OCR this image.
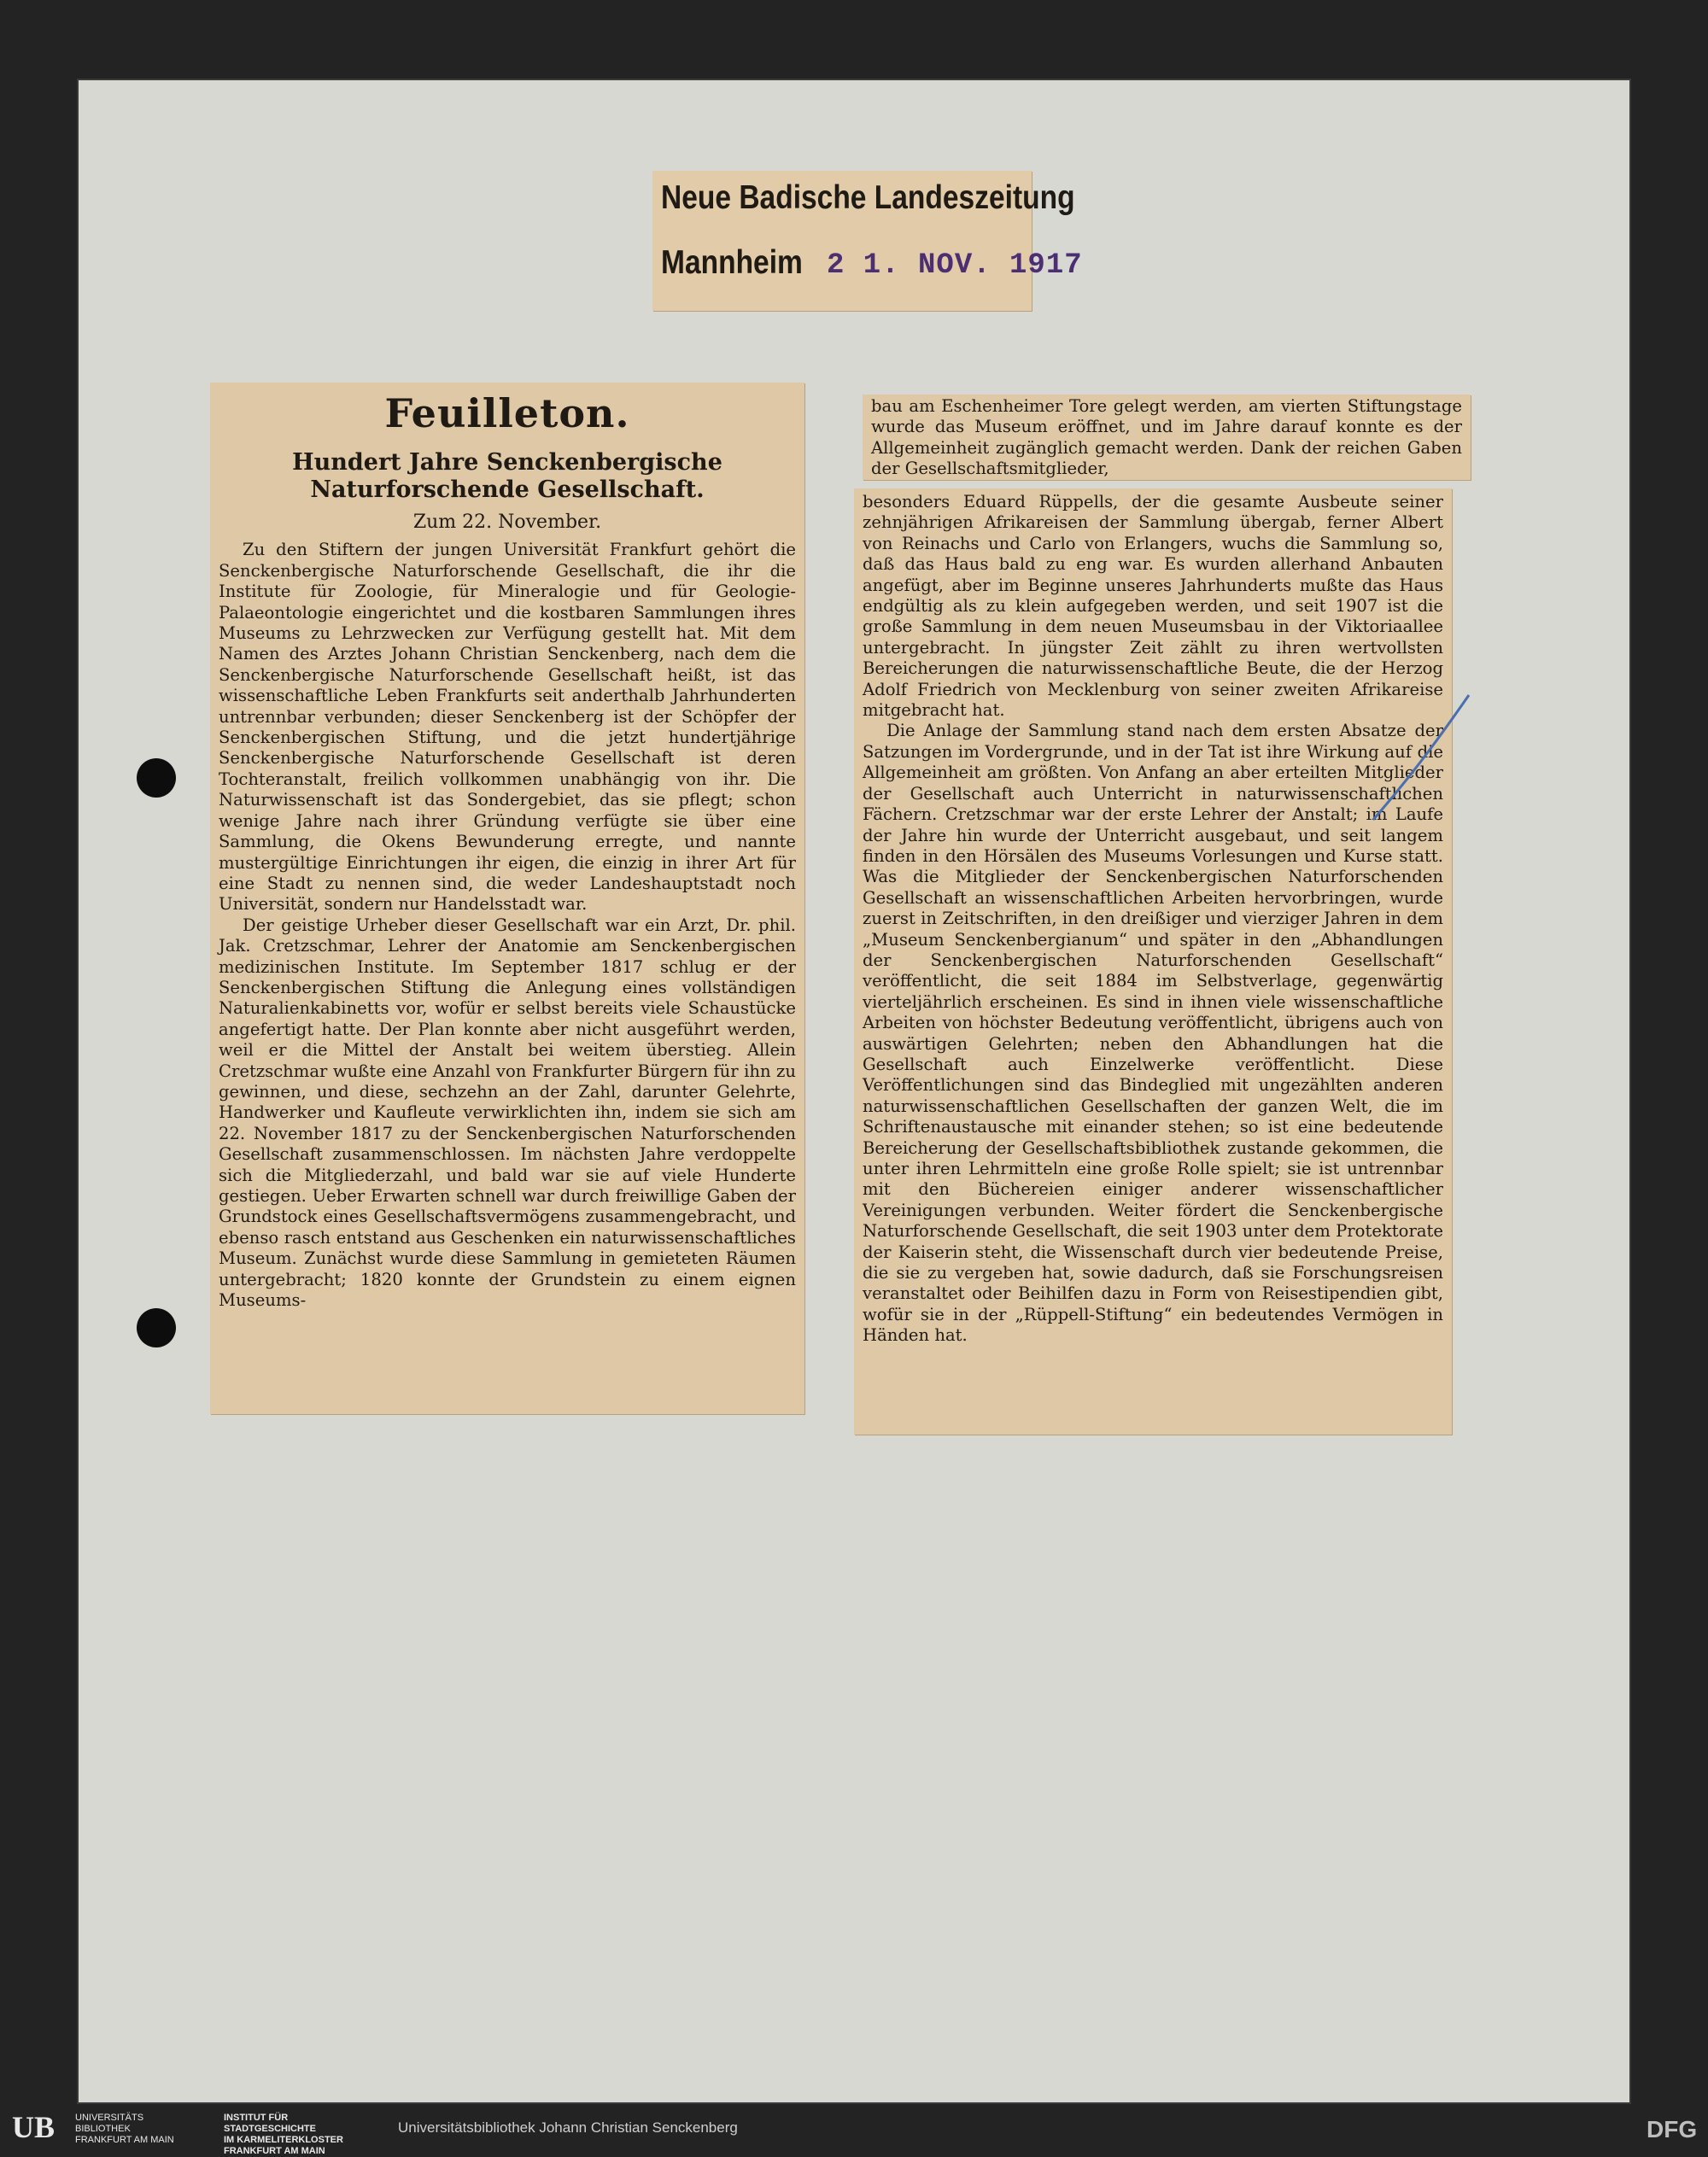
Neue Badische Landeszeitung
Mannheim 2 1. NOV. 1917
Feuilleton.
Hundert Jahre Senckenbergische Naturforschende Gesellschaft.
Zum 22. November.

Zu den Stiftern der jungen Universität Frankfurt gehört die Senckenbergische Naturforschende Gesellschaft, die ihr die Institute für Zoologie, für Mineralogie und für Geologie-Palaeontologie eingerichtet und die kostbaren Sammlungen ihres Museums zu Lehrzwecken zur Verfügung gestellt hat. Mit dem Namen des Arztes Johann Christian Senckenberg, nach dem die Senckenbergische Naturforschende Gesellschaft heißt, ist das wissenschaftliche Leben Frankfurts seit anderthalb Jahrhunderten untrennbar verbunden; dieser Senckenberg ist der Schöpfer der Senckenbergischen Stiftung, und die jetzt hundertjährige Senckenbergische Naturforschende Gesellschaft ist deren Tochteranstalt, freilich vollkommen unabhängig von ihr. Die Naturwissenschaft ist das Sondergebiet, das sie pflegt; schon wenige Jahre nach ihrer Gründung verfügte sie über eine Sammlung, die Okens Bewunderung erregte, und nannte mustergültige Einrichtungen ihr eigen, die einzig in ihrer Art für eine Stadt zu nennen sind, die weder Landeshauptstadt noch Universität, sondern nur Handelsstadt war.

Der geistige Urheber dieser Gesellschaft war ein Arzt, Dr. phil. Jak. Cretzschmar, Lehrer der Anatomie am Senckenbergischen medizinischen Institute. Im September 1817 schlug er der Senckenbergischen Stiftung die Anlegung eines vollständigen Naturalienkabinetts vor, wofür er selbst bereits viele Schaustücke angefertigt hatte. Der Plan konnte aber nicht ausgeführt werden, weil er die Mittel der Anstalt bei weitem überstieg. Allein Cretzschmar wußte eine Anzahl von Frankfurter Bürgern für ihn zu gewinnen, und diese, sechzehn an der Zahl, darunter Gelehrte, Handwerker und Kaufleute verwirklichten ihn, indem sie sich am 22. November 1817 zu der Senckenbergischen Naturforschenden Gesellschaft zusammenschlossen. Im nächsten Jahre verdoppelte sich die Mitgliederzahl, und bald war sie auf viele Hunderte gestiegen. Ueber Erwarten schnell war durch freiwillige Gaben der Grundstock eines Gesellschaftsvermögens zusammengebracht, und ebenso rasch entstand aus Geschenken ein naturwissenschaftliches Museum. Zunächst wurde diese Sammlung in gemieteten Räumen untergebracht; 1820 konnte der Grundstein zu einem eignen Museums-

bau am Eschenheimer Tore gelegt werden, am vierten Stiftungstage wurde das Museum eröffnet, und im Jahre darauf konnte es der Allgemeinheit zugänglich gemacht werden. Dank der reichen Gaben der Gesellschaftsmitglieder,

besonders Eduard Rüppells, der die gesamte Ausbeute seiner zehnjährigen Afrikareisen der Sammlung übergab, ferner Albert von Reinachs und Carlo von Erlangers, wuchs die Sammlung so, daß das Haus bald zu eng war. Es wurden allerhand Anbauten angefügt, aber im Beginne unseres Jahrhunderts mußte das Haus endgültig als zu klein aufgegeben werden, und seit 1907 ist die große Sammlung in dem neuen Museumsbau in der Viktoriaallee untergebracht. In jüngster Zeit zählt zu ihren wertvollsten Bereicherungen die naturwissenschaftliche Beute, die der Herzog Adolf Friedrich von Mecklenburg von seiner zweiten Afrikareise mitgebracht hat.

Die Anlage der Sammlung stand nach dem ersten Absatze der Satzungen im Vordergrunde, und in der Tat ist ihre Wirkung auf die Allgemeinheit am größten. Von Anfang an aber erteilten Mitglieder der Gesellschaft auch Unterricht in naturwissenschaftlichen Fächern. Cretzschmar war der erste Lehrer der Anstalt; im Laufe der Jahre hin wurde der Unterricht ausgebaut, und seit langem finden in den Hörsälen des Museums Vorlesungen und Kurse statt. Was die Mitglieder der Senckenbergischen Naturforschenden Gesellschaft an wissenschaftlichen Arbeiten hervorbringen, wurde zuerst in Zeitschriften, in den dreißiger und vierziger Jahren in dem „Museum Senckenbergianum“ und später in den „Abhandlungen der Senckenbergischen Naturforschenden Gesellschaft“ veröffentlicht, die seit 1884 im Selbstverlage, gegenwärtig vierteljährlich erscheinen. Es sind in ihnen viele wissenschaftliche Arbeiten von höchster Bedeutung veröffentlicht, übrigens auch von auswärtigen Gelehrten; neben den Abhandlungen hat die Gesellschaft auch Einzelwerke veröffentlicht. Diese Veröffentlichungen sind das Bindeglied mit ungezählten anderen naturwissenschaftlichen Gesellschaften der ganzen Welt, die im Schriftenaustausche mit einander stehen; so ist eine bedeutende Bereicherung der Gesellschaftsbibliothek zustande gekommen, die unter ihren Lehrmitteln eine große Rolle spielt; sie ist untrennbar mit den Büchereien einiger anderer wissenschaftlicher Vereinigungen verbunden. Weiter fördert die Senckenbergische Naturforschende Gesellschaft, die seit 1903 unter dem Protektorate der Kaiserin steht, die Wissenschaft durch vier bedeutende Preise, die sie zu vergeben hat, sowie dadurch, daß sie Forschungsreisen veranstaltet oder Beihilfen dazu in Form von Reisestipendien gibt, wofür sie in der „Rüppell-Stiftung“ ein bedeutendes Vermögen in Händen hat.

UB UNIVERSITÄTS
BIBLIOTHEK
FRANKFURT AM MAIN
INSTITUT FÜR
STADTGESCHICHTE
IM KARMELITERKLOSTER
FRANKFURT AM MAIN
Universitätsbibliothek Johann Christian Senckenberg	DFG
